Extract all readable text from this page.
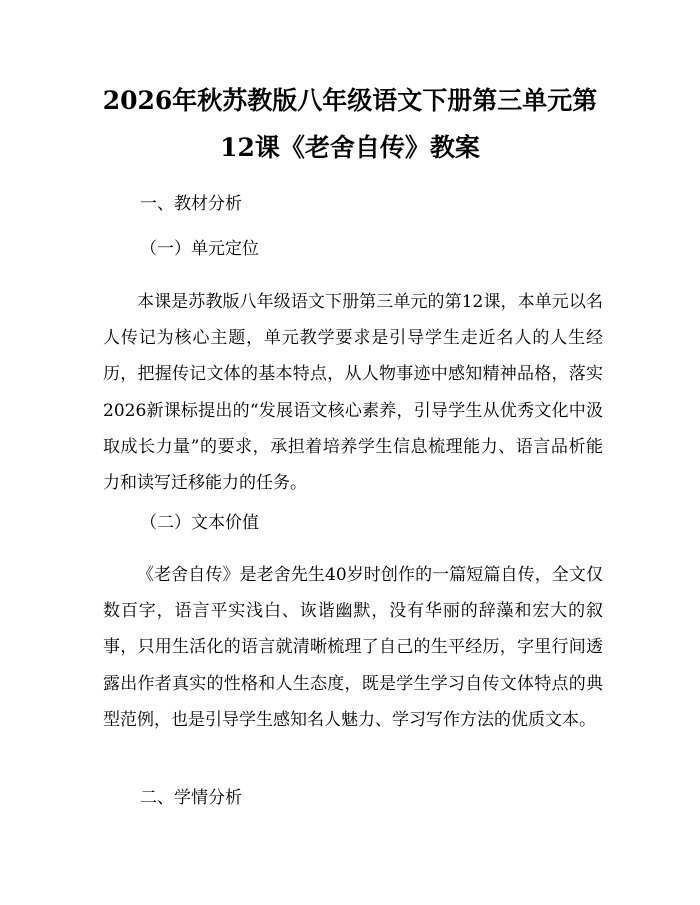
2026年秋苏教版八年级语文下册第三单元第
12课《老舍自传》教案

一、教材分析

（一）单元定位

本课是苏教版八年级语文下册第三单元的第12课，本单元以名人传记为核心主题，单元教学要求是引导学生走近名人的人生经历，把握传记文体的基本特点，从人物事迹中感知精神品格，落实2026新课标提出的“发展语文核心素养，引导学生从优秀文化中汲取成长力量”的要求，承担着培养学生信息梳理能力、语言品析能力和读写迁移能力的任务。

（二）文本价值

《老舍自传》是老舍先生40岁时创作的一篇短篇自传，全文仅数百字，语言平实浅白、诙谐幽默，没有华丽的辞藻和宏大的叙事，只用生活化的语言就清晰梳理了自己的生平经历，字里行间透露出作者真实的性格和人生态度，既是学生学习自传文体特点的典型范例，也是引导学生感知名人魅力、学习写作方法的优质文本。

二、学情分析
